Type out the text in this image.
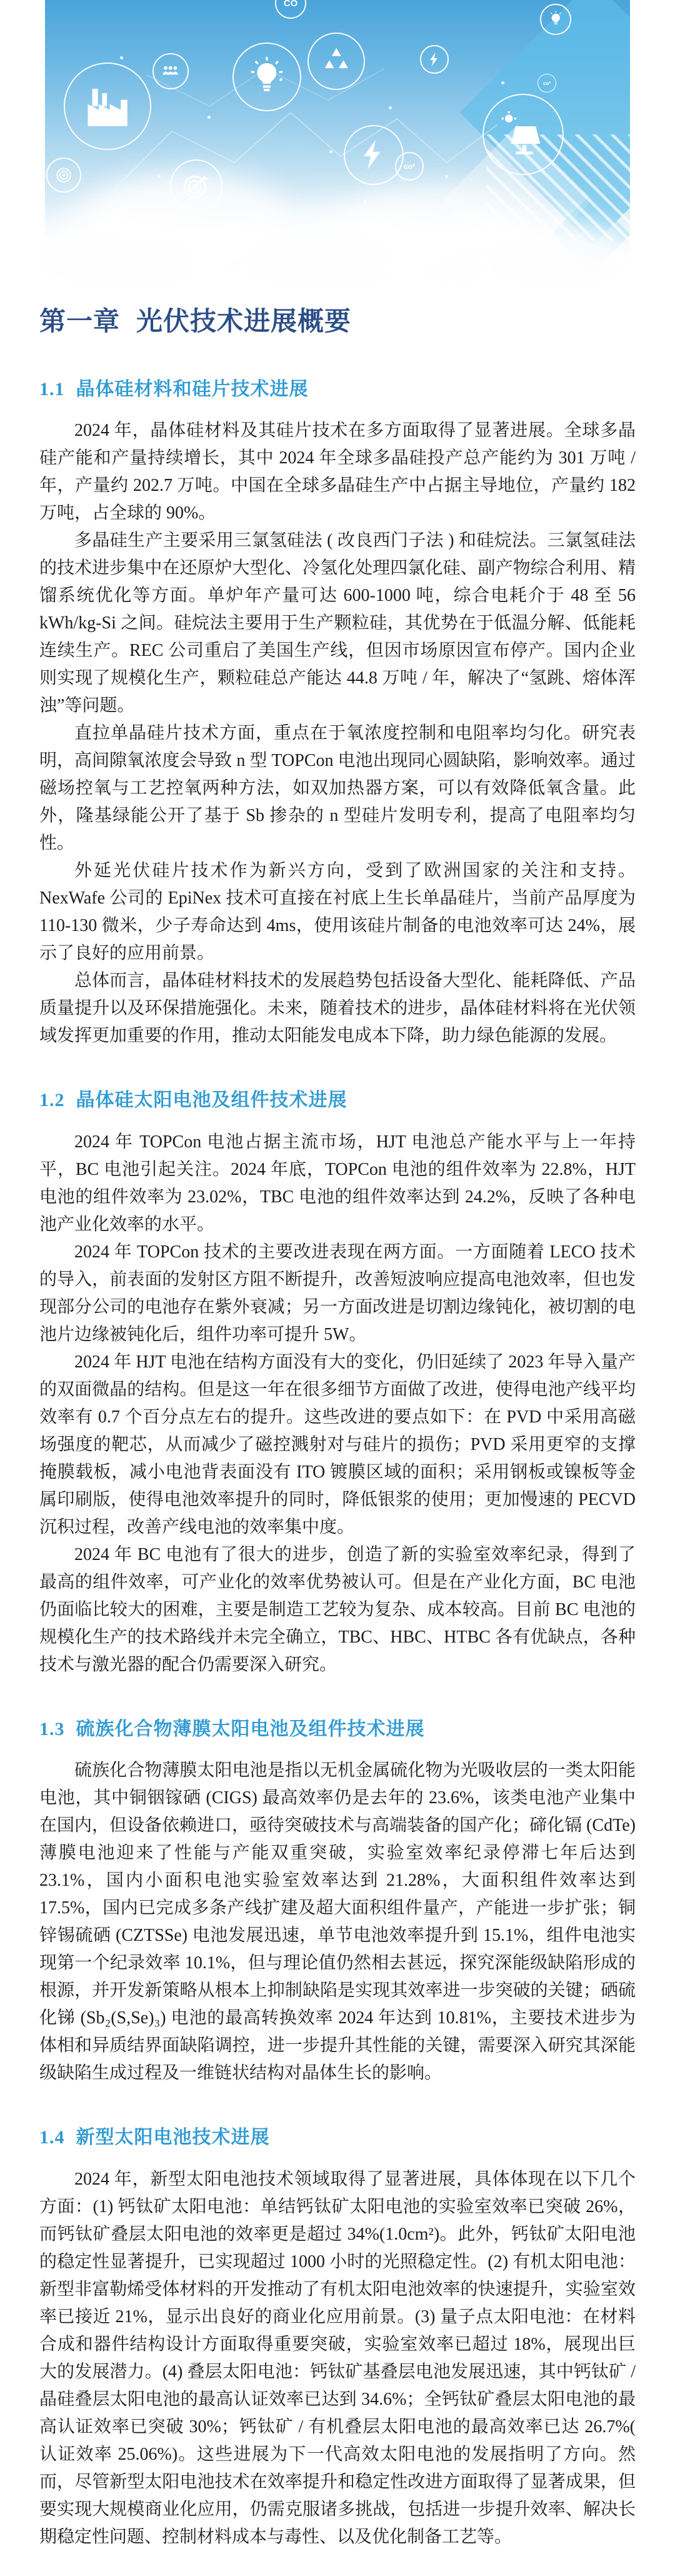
CO
co²
co²
第一章 光伏技术进展概要
1.1 晶体硅材料和硅片技术进展

2024 年，晶体硅材料及其硅片技术在多方面取得了显著进展。全球多晶硅产能和产量持续增长，其中 2024 年全球多晶硅投产总产能约为 301 万吨 / 年，产量约 202.7 万吨。中国在全球多晶硅生产中占据主导地位，产量约 182 万吨，占全球的 90%。

多晶硅生产主要采用三氯氢硅法 ( 改良西门子法 ) 和硅烷法。三氯氢硅法的技术进步集中在还原炉大型化、冷氢化处理四氯化硅、副产物综合利用、精馏系统优化等方面。单炉年产量可达 600-1000 吨，综合电耗介于 48 至 56 kWh/kg-Si 之间。硅烷法主要用于生产颗粒硅，其优势在于低温分解、低能耗连续生产。REC 公司重启了美国生产线，但因市场原因宣布停产。国内企业则实现了规模化生产，颗粒硅总产能达 44.8 万吨 / 年，解决了“氢跳、熔体浑浊”等问题。

直拉单晶硅片技术方面，重点在于氧浓度控制和电阻率均匀化。研究表明，高间隙氧浓度会导致 n 型 TOPCon 电池出现同心圆缺陷，影响效率。通过磁场控氧与工艺控氧两种方法，如双加热器方案，可以有效降低氧含量。此外，隆基绿能公开了基于 Sb 掺杂的 n 型硅片发明专利，提高了电阻率均匀性。

外延光伏硅片技术作为新兴方向，受到了欧洲国家的关注和支持。NexWafe 公司的 EpiNex 技术可直接在衬底上生长单晶硅片，当前产品厚度为 110-130 微米，少子寿命达到 4ms，使用该硅片制备的电池效率可达 24%，展示了良好的应用前景。

总体而言，晶体硅材料技术的发展趋势包括设备大型化、能耗降低、产品质量提升以及环保措施强化。未来，随着技术的进步，晶体硅材料将在光伏领域发挥更加重要的作用，推动太阳能发电成本下降，助力绿色能源的发展。

1.2 晶体硅太阳电池及组件技术进展

2024 年 TOPCon 电池占据主流市场，HJT 电池总产能水平与上一年持平，BC 电池引起关注。2024 年底，TOPCon 电池的组件效率为 22.8%，HJT 电池的组件效率为 23.02%，TBC 电池的组件效率达到 24.2%，反映了各种电池产业化效率的水平。

2024 年 TOPCon 技术的主要改进表现在两方面。一方面随着 LECO 技术的导入，前表面的发射区方阻不断提升，改善短波响应提高电池效率，但也发现部分公司的电池存在紫外衰减；另一方面改进是切割边缘钝化，被切割的电池片边缘被钝化后，组件功率可提升 5W。

2024 年 HJT 电池在结构方面没有大的变化，仍旧延续了 2023 年导入量产的双面微晶的结构。但是这一年在很多细节方面做了改进，使得电池产线平均效率有 0.7 个百分点左右的提升。这些改进的要点如下：在 PVD 中采用高磁场强度的靶芯，从而减少了磁控溅射对与硅片的损伤；PVD 采用更窄的支撑掩膜载板，减小电池背表面没有 ITO 镀膜区域的面积；采用钢板或镍板等金属印刷版，使得电池效率提升的同时，降低银浆的使用；更加慢速的 PECVD 沉积过程，改善产线电池的效率集中度。

2024 年 BC 电池有了很大的进步，创造了新的实验室效率纪录，得到了最高的组件效率，可产业化的效率优势被认可。但是在产业化方面，BC 电池仍面临比较大的困难，主要是制造工艺较为复杂、成本较高。目前 BC 电池的规模化生产的技术路线并未完全确立，TBC、HBC、HTBC 各有优缺点，各种技术与激光器的配合仍需要深入研究。

1.3 硫族化合物薄膜太阳电池及组件技术进展

硫族化合物薄膜太阳电池是指以无机金属硫化物为光吸收层的一类太阳能电池，其中铜铟镓硒 (CIGS) 最高效率仍是去年的 23.6%，该类电池产业集中在国内，但设备依赖进口，亟待突破技术与高端装备的国产化；碲化镉 (CdTe) 薄膜电池迎来了性能与产能双重突破，实验室效率纪录停滞七年后达到 23.1%，国内小面积电池实验室效率达到 21.28%，大面积组件效率达到 17.5%，国内已完成多条产线扩建及超大面积组件量产，产能进一步扩张；铜锌锡硫硒 (CZTSSe) 电池发展迅速，单节电池效率提升到 15.1%，组件电池实现第一个纪录效率 10.1%，但与理论值仍然相去甚远，探究深能级缺陷形成的根源，并开发新策略从根本上抑制缺陷是实现其效率进一步突破的关键；硒硫化锑 (Sb₂(S,Se)₃) 电池的最高转换效率 2024 年达到 10.81%，主要技术进步为体相和异质结界面缺陷调控，进一步提升其性能的关键，需要深入研究其深能级缺陷生成过程及一维链状结构对晶体生长的影响。

1.4 新型太阳电池技术进展

2024 年，新型太阳电池技术领域取得了显著进展，具体体现在以下几个方面：(1) 钙钛矿太阳电池：单结钙钛矿太阳电池的实验室效率已突破 26%，而钙钛矿叠层太阳电池的效率更是超过 34%(1.0cm²)。此外，钙钛矿太阳电池的稳定性显著提升，已实现超过 1000 小时的光照稳定性。(2) 有机太阳电池：新型非富勒烯受体材料的开发推动了有机太阳电池效率的快速提升，实验室效率已接近 21%，显示出良好的商业化应用前景。(3) 量子点太阳电池：在材料合成和器件结构设计方面取得重要突破，实验室效率已超过 18%，展现出巨大的发展潜力。(4) 叠层太阳电池：钙钛矿基叠层电池发展迅速，其中钙钛矿 / 晶硅叠层太阳电池的最高认证效率已达到 34.6%；全钙钛矿叠层太阳电池的最高认证效率已突破 30%；钙钛矿 / 有机叠层太阳电池的最高效率已达 26.7%( 认证效率 25.06%)。这些进展为下一代高效太阳电池的发展指明了方向。然而，尽管新型太阳电池技术在效率提升和稳定性改进方面取得了显著成果，但要实现大规模商业化应用，仍需克服诸多挑战，包括进一步提升效率、解决长期稳定性问题、控制材料成本与毒性、以及优化制备工艺等。
